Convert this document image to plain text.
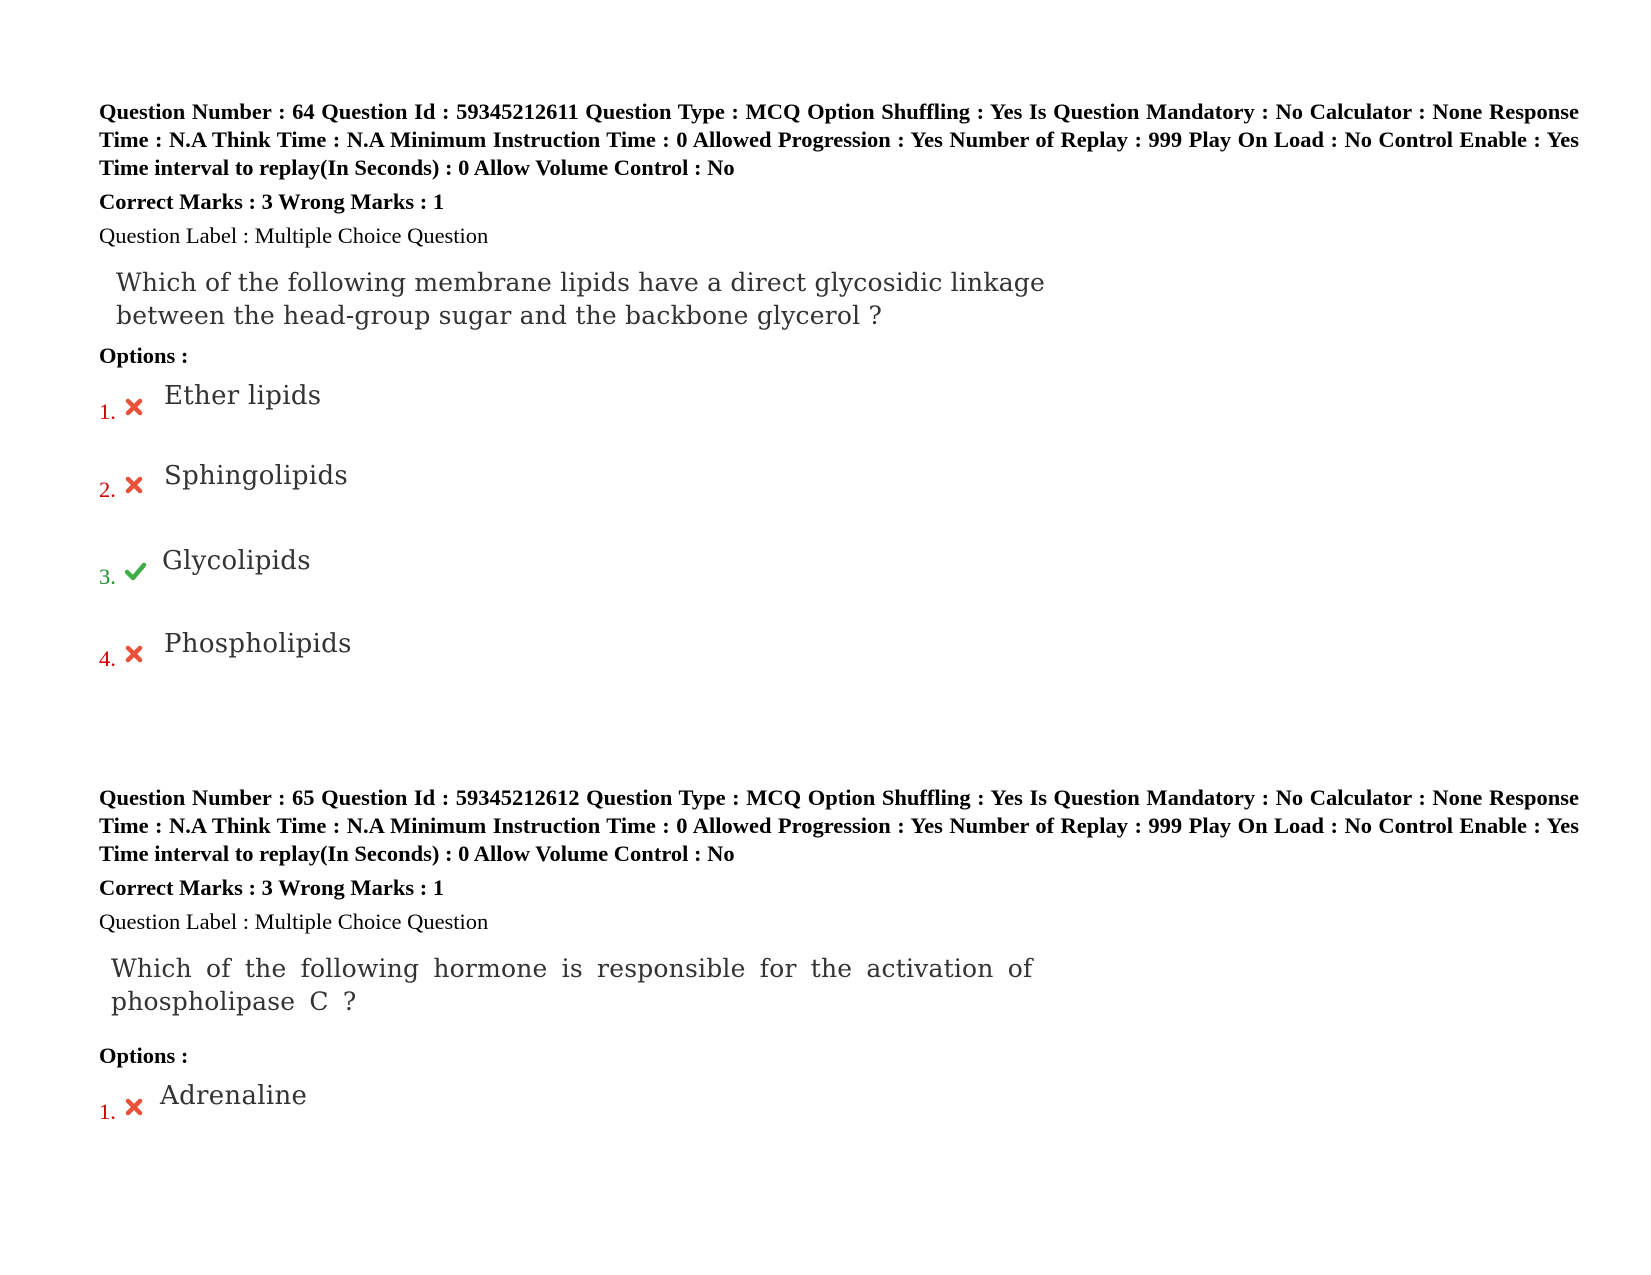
Question Number : 64 Question Id : 59345212611 Question Type : MCQ Option Shuffling : Yes Is Question Mandatory : No Calculator : None Response Time : N.A Think Time : N.A Minimum Instruction Time : 0 Allowed Progression : Yes Number of Replay : 999 Play On Load : No Control Enable : Yes Time interval to replay(In Seconds) : 0 Allow Volume Control : No

Correct Marks : 3 Wrong Marks : 1

Question Label : Multiple Choice Question

Which of the following membrane lipids have a direct glycosidic linkage
between the head-group sugar and the backbone glycerol ?

Options :

1.
Ether lipids
2. Sphingolipids
3.
Glycolipids
4. Phospholipids

Question Number : 65 Question Id : 59345212612 Question Type : MCQ Option Shuffling : Yes Is Question Mandatory : No Calculator : None Response Time : N.A Think Time : N.A Minimum Instruction Time : 0 Allowed Progression : Yes Number of Replay : 999 Play On Load : No Control Enable : Yes Time interval to replay(In Seconds) : 0 Allow Volume Control : No

Correct Marks : 3 Wrong Marks : 1

Question Label : Multiple Choice Question

Which of the following hormone is responsible for the activation of
phospholipase C ?

Options :

1.
Adrenaline
